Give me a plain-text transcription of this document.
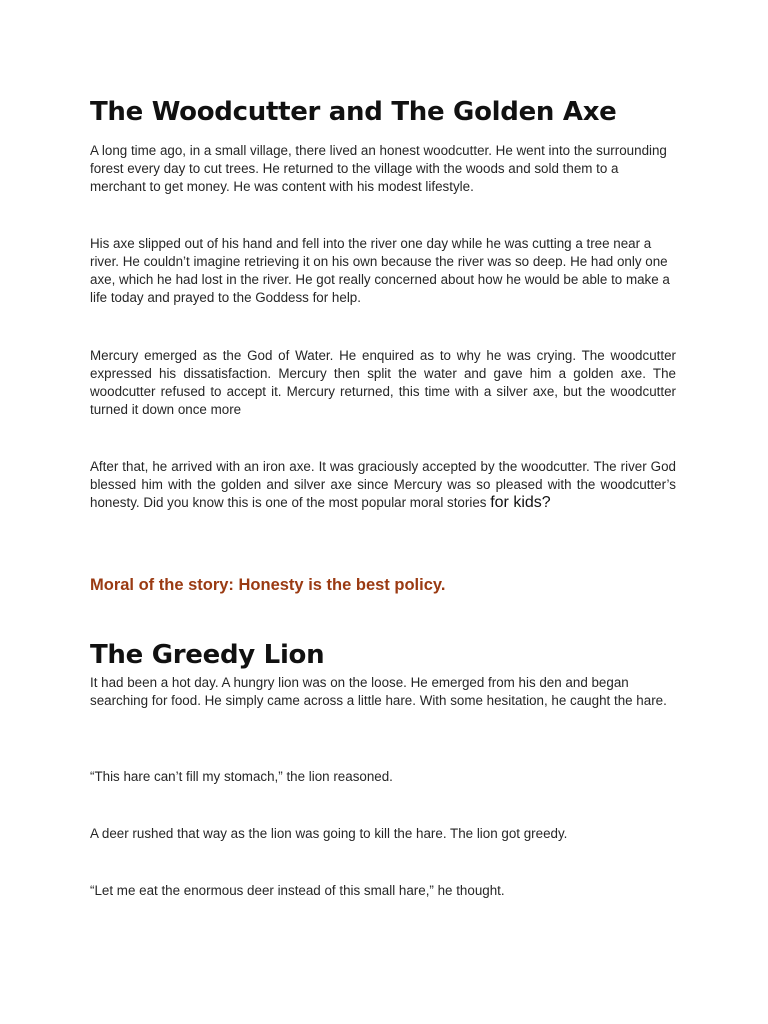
The Woodcutter and The Golden Axe

A long time ago, in a small village, there lived an honest woodcutter. He went into the surrounding forest every day to cut trees. He returned to the village with the woods and sold them to a merchant to get money. He was content with his modest lifestyle.

His axe slipped out of his hand and fell into the river one day while he was cutting a tree near a river. He couldn’t imagine retrieving it on his own because the river was so deep. He had only one axe, which he had lost in the river. He got really concerned about how he would be able to make a life today and prayed to the Goddess for help.

Mercury emerged as the God of Water. He enquired as to why he was crying. The woodcutter expressed his dissatisfaction. Mercury then split the water and gave him a golden axe. The woodcutter refused to accept it. Mercury returned, this time with a silver axe, but the woodcutter turned it down once more

After that, he arrived with an iron axe. It was graciously accepted by the woodcutter. The river God blessed him with the golden and silver axe since Mercury was so pleased with the woodcutter’s honesty. Did you know this is one of the most popular moral stories for kids?

Moral of the story: Honesty is the best policy.

The Greedy Lion

It had been a hot day. A hungry lion was on the loose. He emerged from his den and began searching for food. He simply came across a little hare. With some hesitation, he caught the hare.

“This hare can’t fill my stomach,” the lion reasoned.

A deer rushed that way as the lion was going to kill the hare. The lion got greedy.

“Let me eat the enormous deer instead of this small hare,” he thought.
